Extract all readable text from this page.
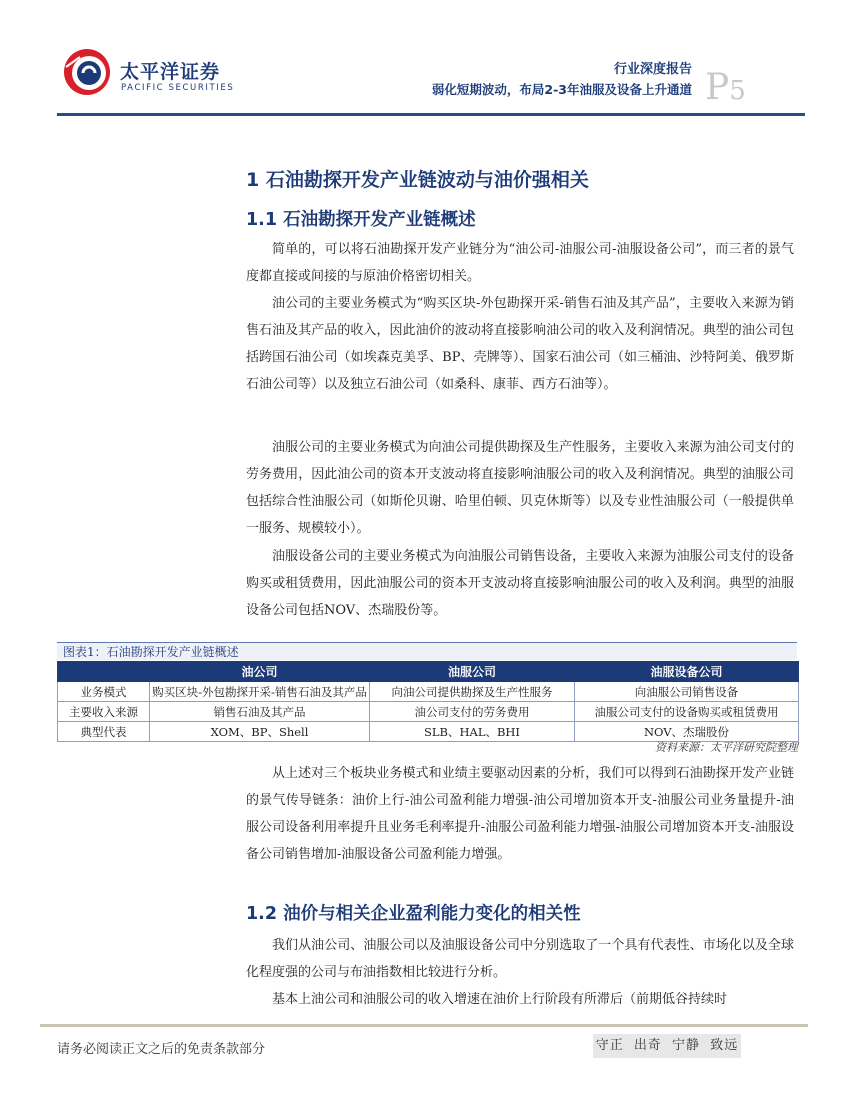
太平洋证券
PACIFIC SECURITIES
行业深度报告
弱化短期波动，布局2-3年油服及设备上升通道 P5
1 石油勘探开发产业链波动与油价强相关
1.1 石油勘探开发产业链概述

简单的，可以将石油勘探开发产业链分为“油公司-油服公司-油服设备公司”，而三者的景气度都直接或间接的与原油价格密切相关。

油公司的主要业务模式为“购买区块-外包勘探开采-销售石油及其产品”，主要收入来源为销售石油及其产品的收入，因此油价的波动将直接影响油公司的收入及利润情况。典型的油公司包括跨国石油公司（如埃森克美孚、BP、壳牌等）、国家石油公司（如三桶油、沙特阿美、俄罗斯石油公司等）以及独立石油公司（如桑科、康菲、西方石油等）。

油服公司的主要业务模式为向油公司提供勘探及生产性服务，主要收入来源为油公司支付的劳务费用，因此油公司的资本开支波动将直接影响油服公司的收入及利润情况。典型的油服公司包括综合性油服公司（如斯伦贝谢、哈里伯顿、贝克休斯等）以及专业性油服公司（一般提供单一服务、规模较小）。

油服设备公司的主要业务模式为向油服公司销售设备，主要收入来源为油服公司支付的设备购买或租赁费用，因此油服公司的资本开支波动将直接影响油服公司的收入及利润。典型的油服设备公司包括NOV、杰瑞股份等。

图表1：石油勘探开发产业链概述
	油公司	油服公司	油服设备公司
业务模式	购买区块-外包勘探开采-销售石油及其产品	向油公司提供勘探及生产性服务	向油服公司销售设备
主要收入来源	销售石油及其产品	油公司支付的劳务费用	油服公司支付的设备购买或租赁费用
典型代表	XOM、BP、Shell	SLB、HAL、BHI	NOV、杰瑞股份
资料来源：太平洋研究院整理

从上述对三个板块业务模式和业绩主要驱动因素的分析，我们可以得到石油勘探开发产业链的景气传导链条：油价上行-油公司盈利能力增强-油公司增加资本开支-油服公司业务量提升-油服公司设备利用率提升且业务毛利率提升-油服公司盈利能力增强-油服公司增加资本开支-油服设备公司销售增加-油服设备公司盈利能力增强。

1.2 油价与相关企业盈利能力变化的相关性

我们从油公司、油服公司以及油服设备公司中分别选取了一个具有代表性、市场化以及全球化程度强的公司与布油指数相比较进行分析。

基本上油公司和油服公司的收入增速在油价上行阶段有所滞后（前期低谷持续时

请务必阅读正文之后的免责条款部分	守正 出奇 宁静 致远
